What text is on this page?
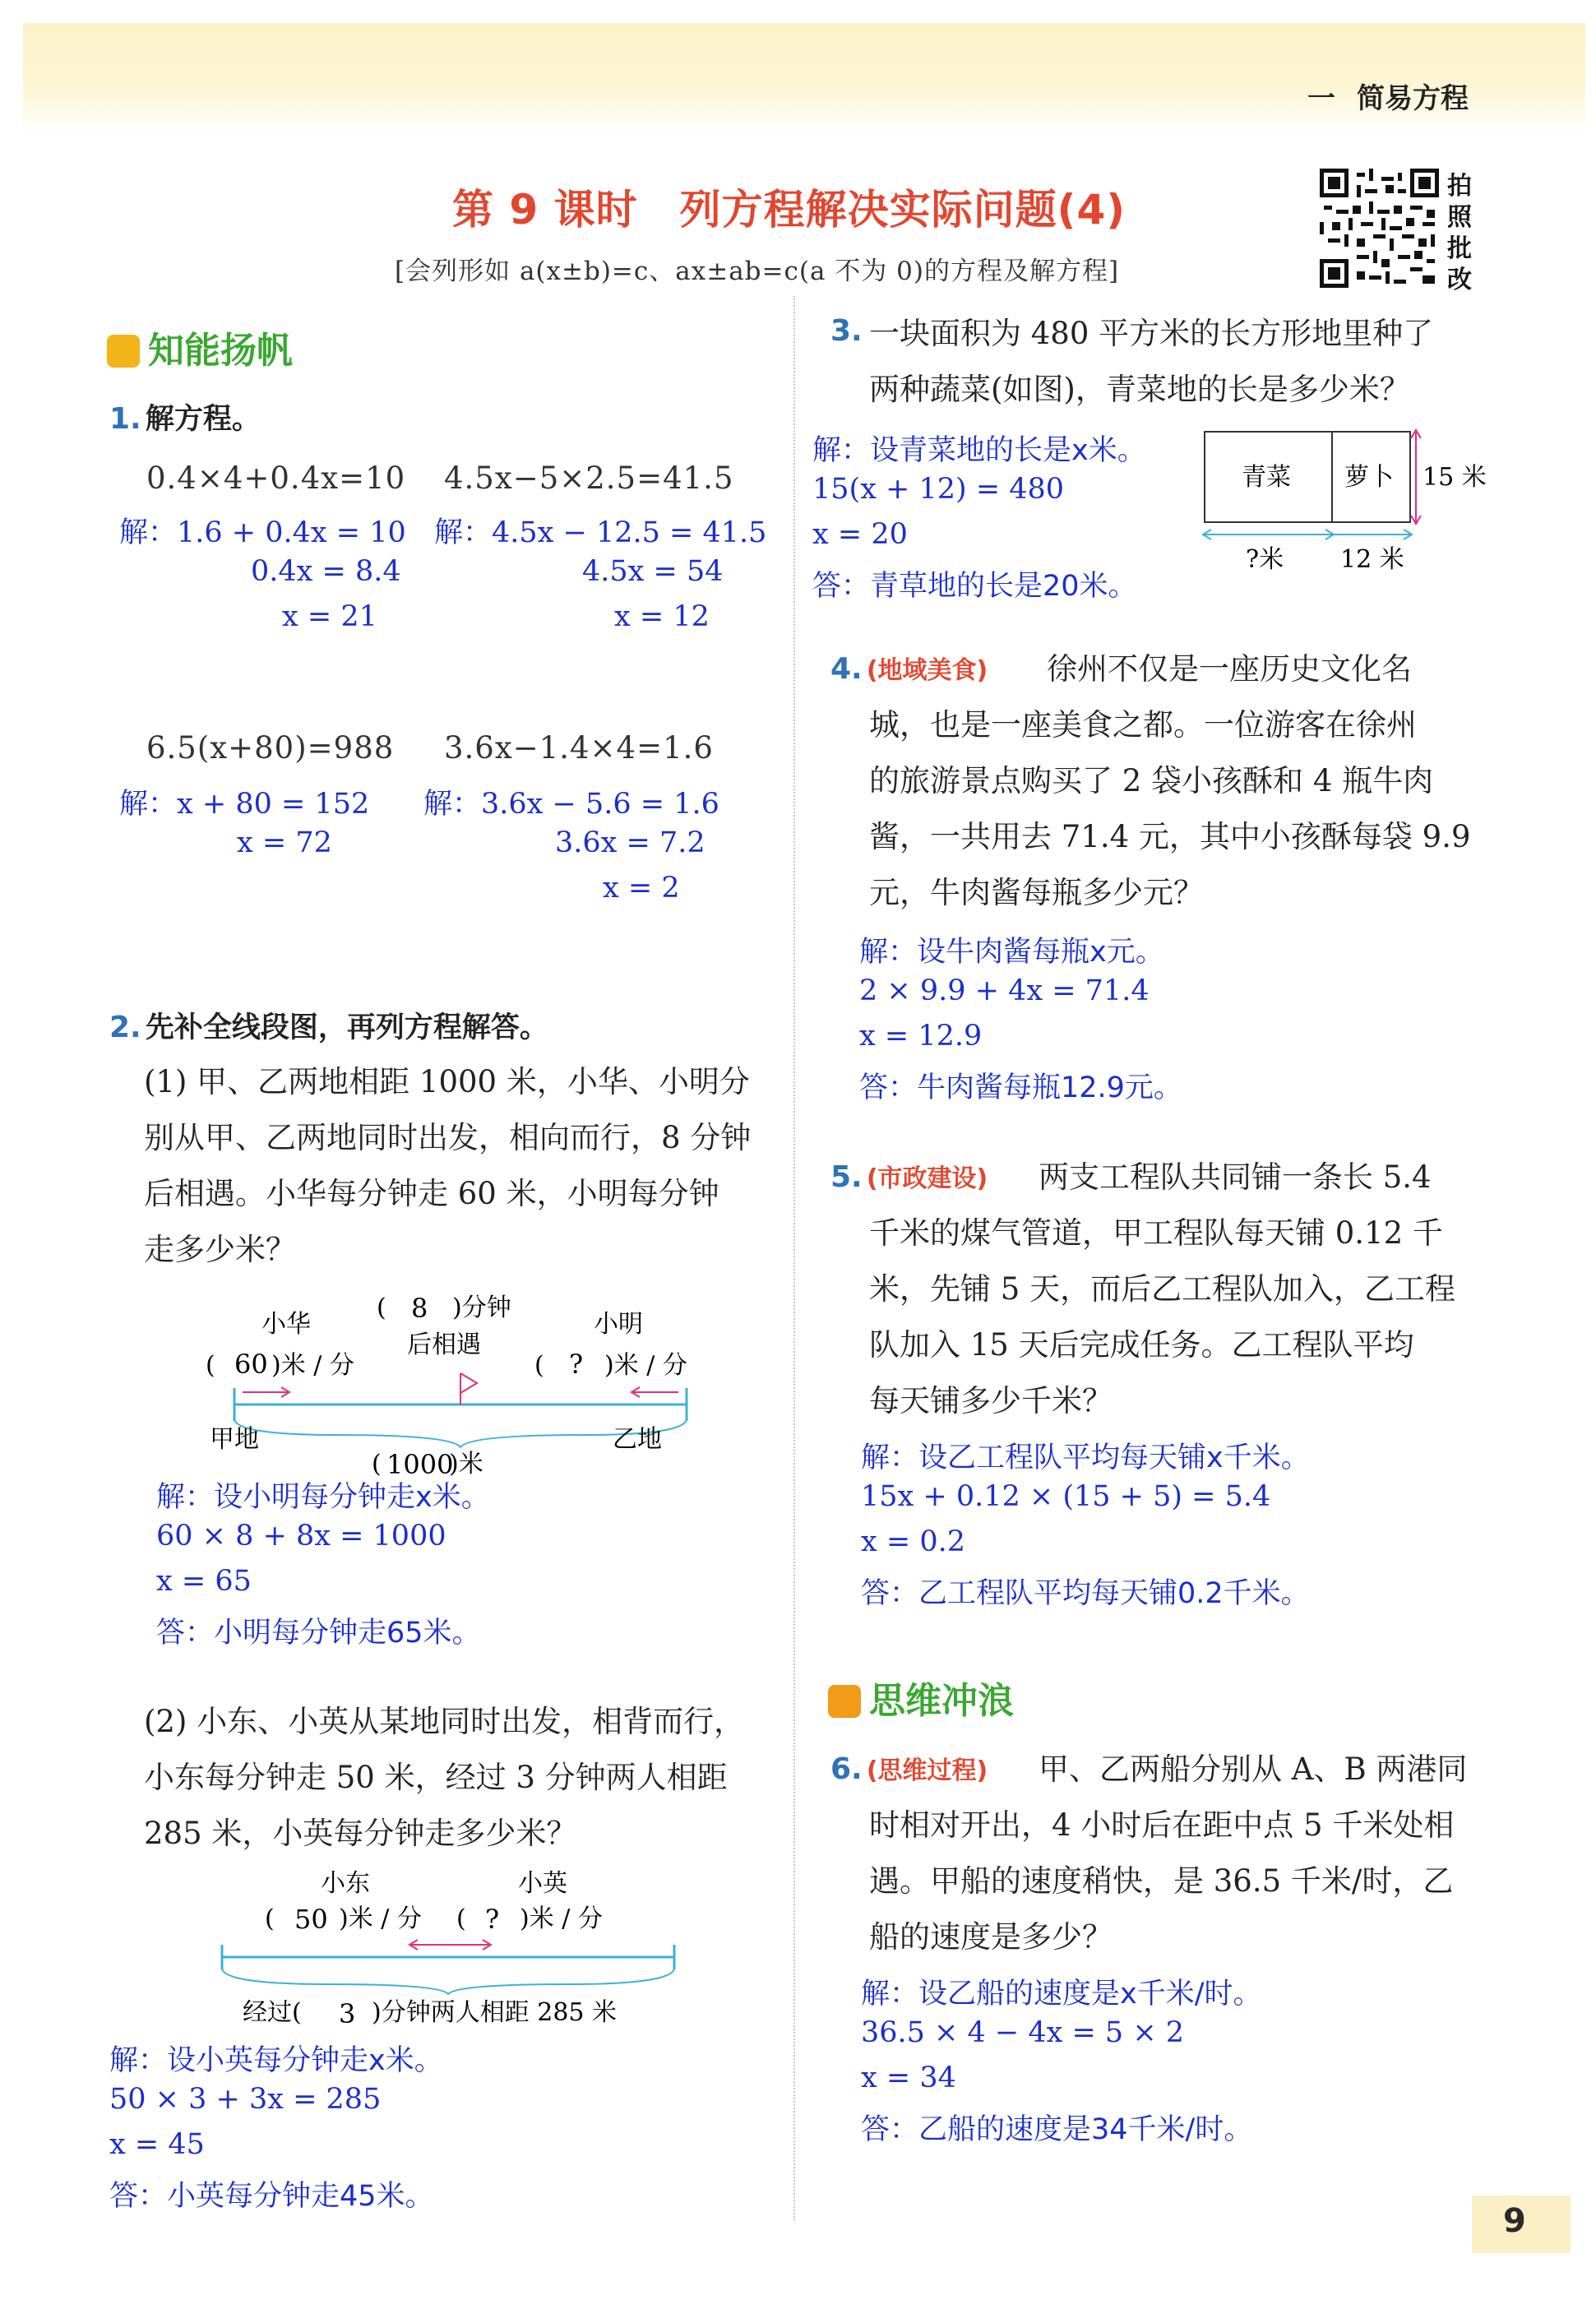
一 简易方程
第 9 课时　列方程解决实际问题(4)
[会列形如 a(x±b)=c、ax±ab=c(a 不为 0)的方程及解方程]
拍
照
批
改
知能扬帆
1. 解方程。
0.4×4+0.4x=10 4.5x−5×2.5=41.5
解：1.6 + 0.4x = 10
0.4x = 8.4
x = 21
解：4.5x − 12.5 = 41.5
4.5x = 54
x = 12
6.5(x+80)=988 3.6x−1.4×4=1.6
解：x + 80 = 152
x = 72
解：3.6x − 5.6 = 1.6
3.6x = 7.2
x = 2
2. 先补全线段图，再列方程解答。
(1) 甲、乙两地相距 1000 米，小华、小明分
别从甲、乙两地同时出发，相向而行，8 分钟
后相遇。小华每分钟走 60 米，小明每分钟
走多少米？
小华
( 60 )米 / 分
( 8 )分钟
后相遇
小明
( ? )米 / 分
甲地
( 1000
)米
乙地
解：设小明每分钟走x米。
60 × 8 + 8x = 1000
x = 65
答：小明每分钟走65米。
(2) 小东、小英从某地同时出发，相背而行，
小东每分钟走 50 米，经过 3 分钟两人相距
285 米，小英每分钟走多少米？
小东
( 50 )米 / 分
小英
( ? )米 / 分
经过( 3 )分钟两人相距 285 米
解：设小英每分钟走x米。
50 × 3 + 3x = 285
x = 45
答：小英每分钟走45米。
3. 一块面积为 480 平方米的长方形地里种了
两种蔬菜(如图)，青菜地的长是多少米？
解：设青菜地的长是x米。
15(x + 12) = 480
x = 20
答：青草地的长是20米。
青菜 萝卜 15 米
?米 12 米
4. (地域美食) 徐州不仅是一座历史文化名
城，也是一座美食之都。一位游客在徐州
的旅游景点购买了 2 袋小孩酥和 4 瓶牛肉
酱，一共用去 71.4 元，其中小孩酥每袋 9.9
元，牛肉酱每瓶多少元？
解：设牛肉酱每瓶x元。
2 × 9.9 + 4x = 71.4
x = 12.9
答：牛肉酱每瓶12.9元。
5. (市政建设) 两支工程队共同铺一条长 5.4
千米的煤气管道，甲工程队每天铺 0.12 千
米，先铺 5 天，而后乙工程队加入，乙工程
队加入 15 天后完成任务。乙工程队平均
每天铺多少千米？
解：设乙工程队平均每天铺x千米。
15x + 0.12 × (15 + 5) = 5.4
x = 0.2
答：乙工程队平均每天铺0.2千米。
思维冲浪
6. (思维过程) 甲、乙两船分别从 A、B 两港同
时相对开出，4 小时后在距中点 5 千米处相
遇。甲船的速度稍快，是 36.5 千米/时，乙
船的速度是多少？
解：设乙船的速度是x千米/时。
36.5 × 4 − 4x = 5 × 2
x = 34
答：乙船的速度是34千米/时。
9
